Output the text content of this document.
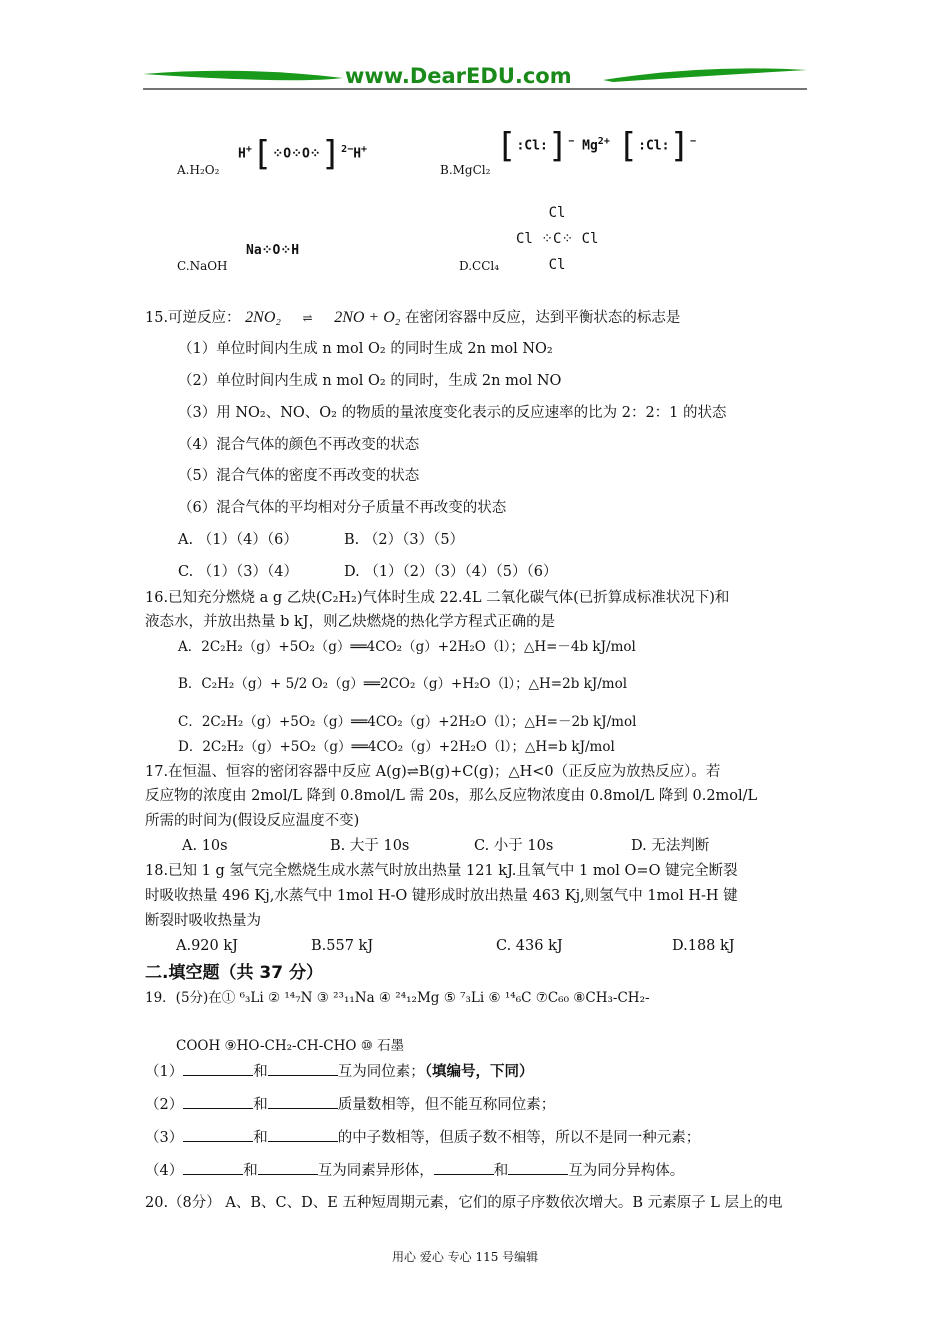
www.DearEDU.com
A.H₂O₂
H+[⁘O⁘O⁘]$^{2-}$H+
B.MgCl₂
[:Cl:]− $Mg^{2+}$ [:Cl:]−
C.NaOH
Na⁘O⁘H
D.CCl₄
Cl
Cl ⁘C⁘ Cl
Cl
15.可逆反应： 2NO₂ ⇌ 2NO + O₂ 在密闭容器中反应，达到平衡状态的标志是
（1）单位时间内生成 n mol O₂ 的同时生成 2n mol NO₂
（2）单位时间内生成 n mol O₂ 的同时，生成 2n mol NO
（3）用 NO₂、NO、O₂ 的物质的量浓度变化表示的反应速率的比为 2：2：1 的状态
（4）混合气体的颜色不再改变的状态
（5）混合气体的密度不再改变的状态
（6）混合气体的平均相对分子质量不再改变的状态
A. （1）（4）（6）	B. （2）（3）（5）
C. （1）（3）（4）	D. （1）（2）（3）（4）（5）（6）
16.已知充分燃烧 a g 乙炔(C₂H₂)气体时生成 22.4L 二氧化碳气体(已折算成标准状况下)和
液态水，并放出热量 b kJ，则乙炔燃烧的热化学方程式正确的是
A．2C₂H₂（g）+5O₂（g）══4CO₂（g）+2H₂O（l）；△H=－4b kJ/mol
B．C₂H₂（g）+ 5/2 O₂（g）══2CO₂（g）+H₂O（l）；△H=2b kJ/mol
C．2C₂H₂（g）+5O₂（g）══4CO₂（g）+2H₂O（l）；△H=－2b kJ/mol
D．2C₂H₂（g）+5O₂（g）══4CO₂（g）+2H₂O（l）；△H=b kJ/mol
17.在恒温、恒容的密闭容器中反应 A(g)⇌B(g)+C(g)；△H<0（正反应为放热反应）。若
反应物的浓度由 2mol/L 降到 0.8mol/L 需 20s，那么反应物浓度由 0.8mol/L 降到 0.2mol/L
所需的时间为(假设反应温度不变)
A. 10s	B. 大于 10s	C. 小于 10s	D. 无法判断
18.已知 1 g 氢气完全燃烧生成水蒸气时放出热量 121 kJ.且氧气中 1 mol O=O 键完全断裂
时吸收热量 496 Kj,水蒸气中 1mol H-O 键形成时放出热量 463 Kj,则氢气中 1mol H-H 键
断裂时吸收热量为
A.920 kJ	B.557 kJ	C. 436 kJ	D.188 kJ
二.填空题（共 37 分）
19．(5分)在① ⁶₃Li ② ¹⁴₇N ③ ²³₁₁Na ④ ²⁴₁₂Mg ⑤ ⁷₃Li ⑥ ¹⁴₆C ⑦C₆₀ ⑧CH₃-CH₂-
COOH ⑨HO-CH₂-CH-CHO ⑩ 石墨
（1）	和	互为同位素；（填编号，下同）
（2）	和	质量数相等，但不能互称同位素；
（3）	和	的中子数相等，但质子数不相等，所以不是同一种元素；
（4）	和	互为同素异形体，	和	互为同分异构体。
20.（8分） A、B、C、D、E 五种短周期元素，它们的原子序数依次增大。B 元素原子 L 层上的电
用心 爱心 专心 115 号编辑
